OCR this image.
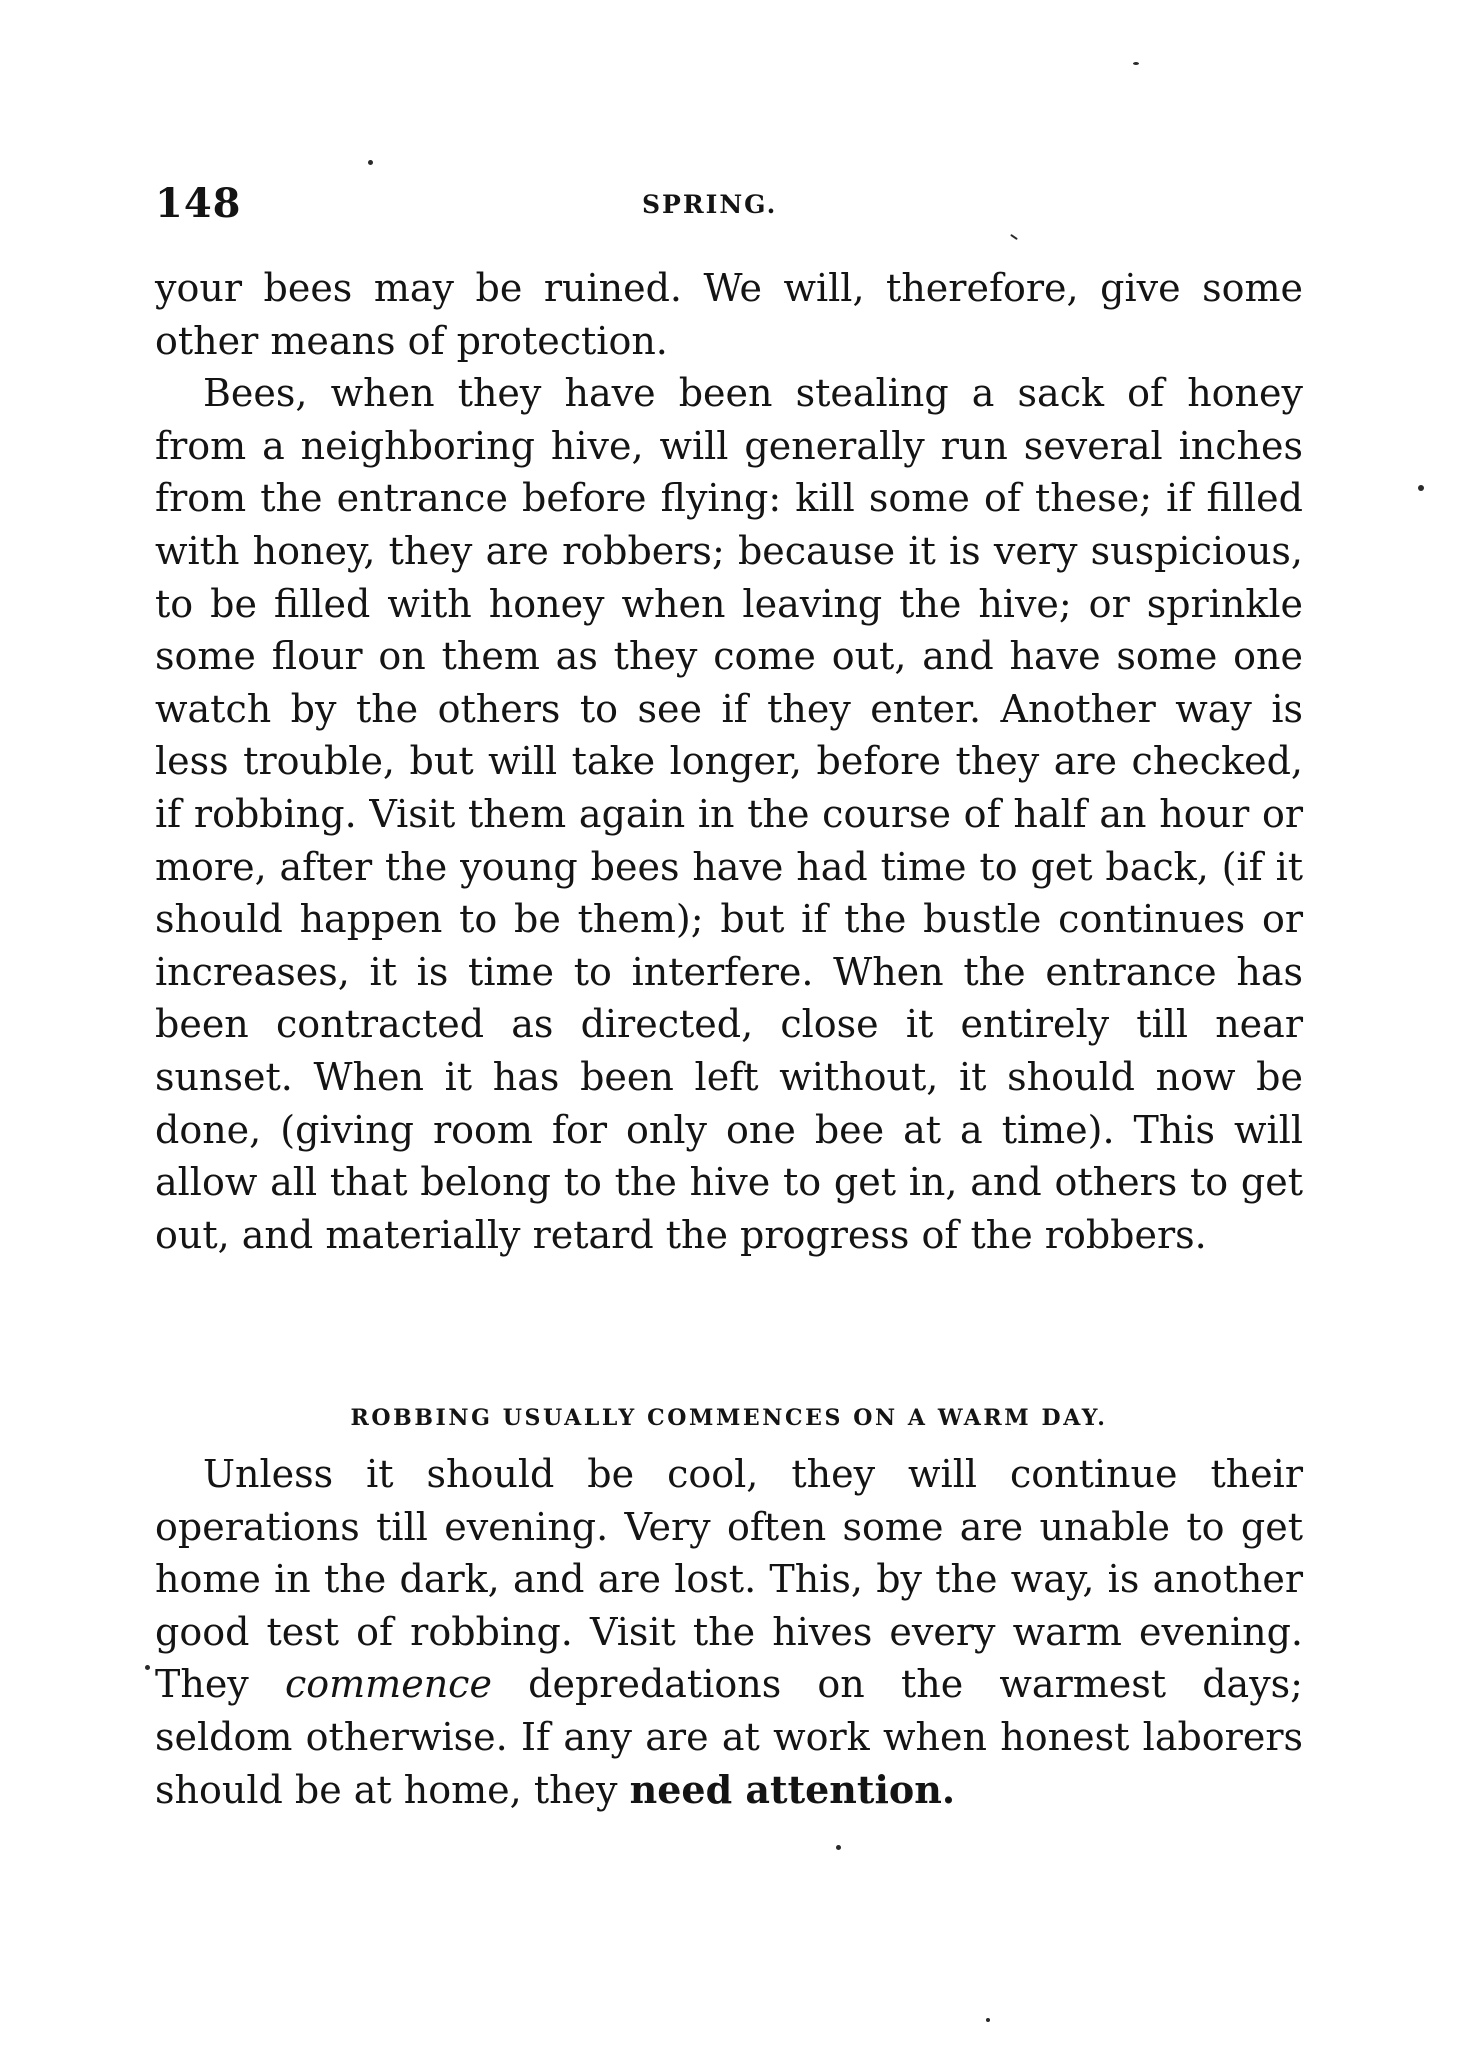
148	SPRING.

your bees may be ruined. We will, therefore, give some other means of protection.

Bees, when they have been stealing a sack of honey from a neighboring hive, will generally run several inches from the entrance before flying: kill some of these; if filled with honey, they are robbers; because it is very suspicious, to be filled with honey when leaving the hive; or sprinkle some flour on them as they come out, and have some one watch by the others to see if they enter. Another way is less trouble, but will take longer, before they are checked, if robbing. Visit them again in the course of half an hour or more, after the young bees have had time to get back, (if it should happen to be them); but if the bustle continues or increases, it is time to interfere. When the entrance has been contracted as directed, close it entirely till near sunset. When it has been left without, it should now be done, (giving room for only one bee at a time). This will allow all that belong to the hive to get in, and others to get out, and materially retard the progress of the robbers.

ROBBING USUALLY COMMENCES ON A WARM DAY.

Unless it should be cool, they will continue their operations till evening. Very often some are unable to get home in the dark, and are lost. This, by the way, is another good test of robbing. Visit the hives every warm evening. They commence depredations on the warmest days; seldom otherwise. If any are at work when honest laborers should be at home, they need attention.
